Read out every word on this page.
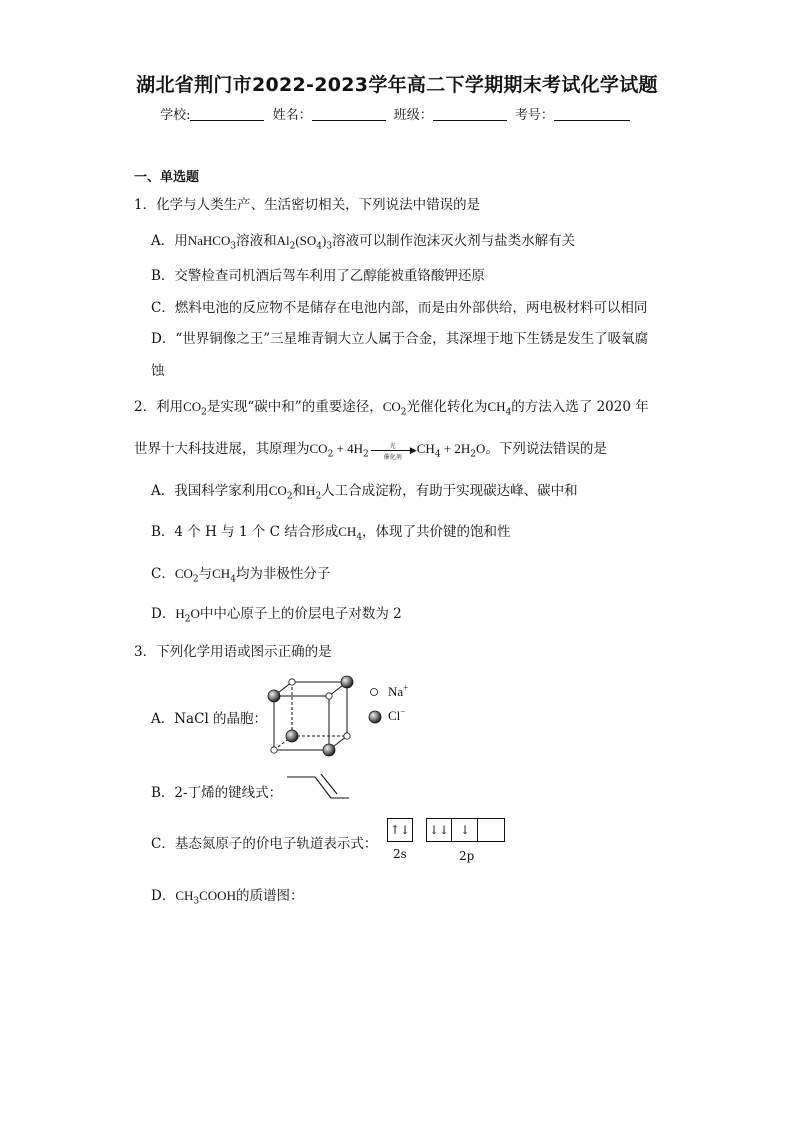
湖北省荆门市2022-2023学年高二下学期期末考试化学试题
学校:	姓名：	班级：	考号：
一、单选题
1．化学与人类生产、生活密切相关，下列说法中错误的是
A．用NaHCO$_3$溶液和$Al_2(SO_4)_3$溶液可以制作泡沫灭火剂与盐类水解有关
B．交警检查司机酒后驾车利用了乙醇能被重铬酸钾还原
C．燃料电池的反应物不是储存在电池内部，而是由外部供给，两电极材料可以相同
D．“世界铜像之王”三星堆青铜大立人属于合金，其深埋于地下生锈是发生了吸氧腐
蚀
2．利用$CO_2$是实现“碳中和”的重要途径，$CO_2$光催化转化为$CH_4$的方法入选了 2020 年
世界十大科技进展，其原理为$CO_2 + 4H_2$
光	▶
催化剂
$CH_4 + 2H_2O$。下列说法错误的是
A．我国科学家利用$CO_2$和$H_2$人工合成淀粉，有助于实现碳达峰、碳中和
B．4 个 H 与 1 个 C 结合形成$CH_4$，体现了共价键的饱和性
C．$CO_2$与$CH_4$均为非极性分子
D．$H_2O$中中心原子上的价层电子对数为 2
3．下列化学用语或图示正确的是
A．NaCl 的晶胞：
Na+
Cl−
B．2-丁烯的键线式：
C．基态氮原子的价电子轨道表示式：
↑↓ ↓↓ ↓
2s	2p
D．$CH_3COOH$的质谱图：
